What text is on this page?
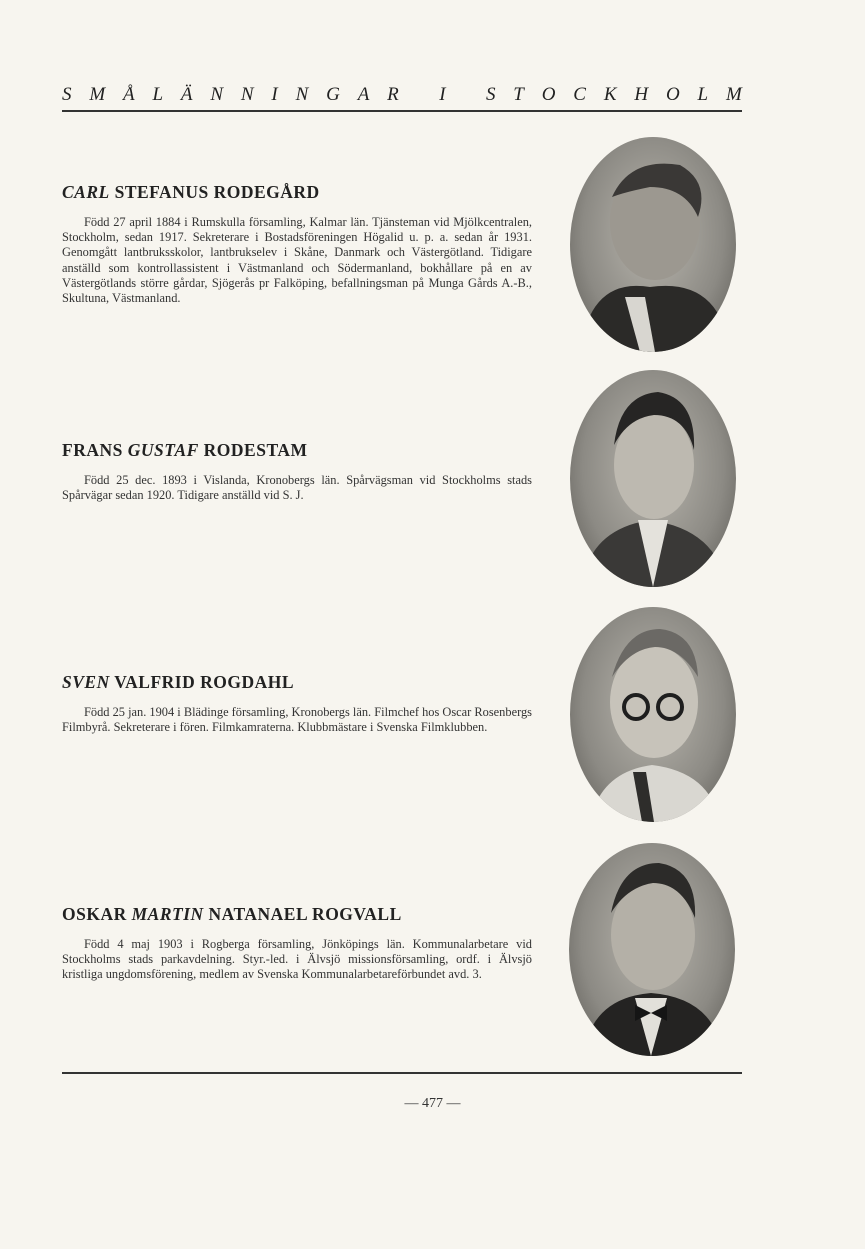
S M Å L Ä N N I N G A R
I
S T O C K H O L M
CARL STEFANUS RODEGÅRD

Född 27 april 1884 i Rumskulla församling, Kalmar län. Tjänsteman vid Mjölkcentralen, Stockholm, sedan 1917. Sekreterare i Bostadsföreningen Högalid u. p. a. sedan år 1931. Genomgått lantbruksskolor, lantbrukselev i Skåne, Danmark och Västergötland. Tidigare anställd som kontrollassistent i Västmanland och Södermanland, bokhållare på en av Västergötlands större gårdar, Sjögerås pr Falköping, befallningsman på Munga Gårds A.-B., Skultuna, Västmanland.

FRANS GUSTAF RODESTAM

Född 25 dec. 1893 i Vislanda, Kronobergs län. Spårvägsman vid Stockholms stads Spårvägar sedan 1920. Tidigare anställd vid S. J.

SVEN VALFRID ROGDAHL

Född 25 jan. 1904 i Blädinge församling, Kronobergs län. Filmchef hos Oscar Rosenbergs Filmbyrå. Sekreterare i fören. Filmkamraterna. Klubbmästare i Svenska Filmklubben.

OSKAR MARTIN NATANAEL ROGVALL

Född 4 maj 1903 i Rogberga församling, Jönköpings län. Kommunalarbetare vid Stockholms stads parkavdelning. Styr.-led. i Älvsjö missionsförsamling, ordf. i Älvsjö kristliga ungdomsförening, medlem av Svenska Kommunalarbetareförbundet avd. 3.

— 477 —
